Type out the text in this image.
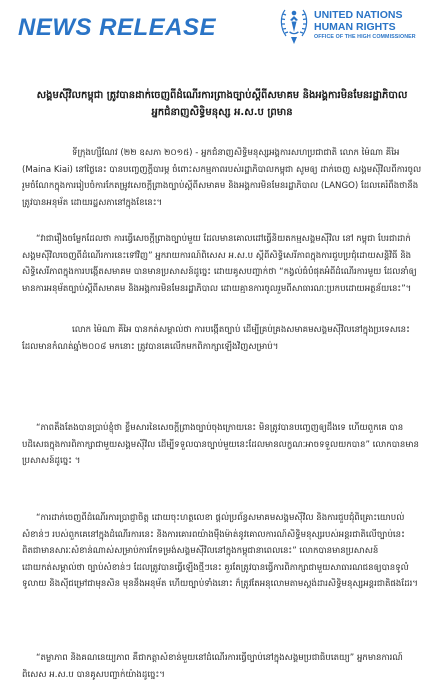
NEWS RELEASE	UNITED NATIONS
HUMAN RIGHTS
OFFICE OF THE HIGH COMMISSIONER
សង្គមស៊ីវិលកម្ពុជា ត្រូវបានដាក់ចេញពីដំណើរការព្រាងច្បាប់ស្ដីពីសមាគម និងអង្គការមិនមែនរដ្ឋាភិបាល
អ្នកជំនាញសិទ្ធិមនុស្ស អ.ស.ប ព្រមាន
ទីក្រុងហ្សឺណែវ (២២ ឧសភា ២០១៥) - អ្នកជំនាញសិទ្ធិមនុស្សអង្គការសហប្រជាជាតិ លោក ម៉ៃណា គីអៃ (Maina Kiai) នៅថ្ងៃនេះ បានបញ្ចេញក្ដីបារម្ភ ចំពោះសកម្មភាពរបស់រដ្ឋាភិបាលកម្ពុជា សូមឲ្យ ដាក់ចេញ សង្គមស៊ីវិលពីការចូលរួមចំណែកក្នុងការរៀបចំការកែតម្រូវសេចក្ដីព្រាងច្បាប់ស្ដីពីសមាគម និងអង្គការមិនមែនរដ្ឋាភិបាល (LANGO) ដែលគេរំពឹងថានឹងត្រូវបានអនុម័ត ដោយរដ្ឋសភានៅក្នុងខែនេះ។
“វាជារឿងចម្លែកដែលថា ការធ្វើសេចក្ដីព្រាងច្បាប់មួយ ដែលមានគោលដៅធ្វើនិយតកម្មសង្គមស៊ីវិល នៅ កម្ពុជា បែរជាដាក់សង្គមស៊ីវិលចេញពីដំណើរការនេះទៅវិញ” អ្នករាយការណ៍ពិសេស អ.ស.ប ស្ដីពីសិទ្ធិសេរីភាពក្នុងការជួបប្រជុំដោយសន្តិវិធី និងសិទ្ធិសេរីភាពក្នុងការបង្កើតសមាគម បានមានប្រសាសន៍ដូច្នេះ ដោយគូសបញ្ជាក់ថា “កង្វល់ធំបំផុតអំពីដំណើរការមួយ ដែលនាំឲ្យមានការអនុម័តច្បាប់ស្ដីពីសមាគម និងអង្គការមិនមែនរដ្ឋាភិបាល ដោយគ្មានការចូលរួមពីសាធារណៈប្រកបដោយអត្ថន័យនេះ”។
លោក ម៉ៃណា គីអៃ បានកត់សម្គាល់ថា ការបង្កើតច្បាប់ ដើម្បីគ្រប់គ្រងសមាគមសង្គមស៊ីវិលនៅក្នុងប្រទេសនេះ ដែលមានកំណត់ឆ្នាំ២០០៨ មកនោះ ត្រូវបានគេលើកមកពិភាក្សាឡើងវិញសម្រាប់។
“ភាពតឹងតែងបានប្រាប់ខ្ញុំថា ខ្លឹមសារនៃសេចក្ដីព្រាងច្បាប់ចុងក្រោយនេះ មិនត្រូវបានបញ្ចេញឲ្យដឹងទេ ហើយពួកគេ បានបដិសេធក្នុងការពិភាក្សាជាមួយសង្គមស៊ីវិល ដើម្បីទទួលបានច្បាប់មួយនេះដែលមានលក្ខណៈអាចទទួលយកបាន” លោកបានមានប្រសាសន៍ដូច្នេះ ។
“ការដាក់ចេញពីដំណើរការប្រាជ្ញាចិត្ត ដោយចុះហត្ថលេខា ផ្ដល់ប្រព័ន្ធសមាគមសង្គមស៊ីវិល និងការជួបជុំពិគ្រោះយោបល់ សំខាន់ៗ របស់ពួកគេនៅក្នុងដំណើរការនេះ និងការគោរពយ៉ាងម៉ឺងម៉ាត់នូវគោលការណ៍សិទ្ធិមនុស្សរបស់អន្តរជាតិលើច្បាប់នេះ ពិតជាមានសារៈសំខាន់ណាស់សម្រាប់ការកែទម្រង់សង្គមស៊ីវិលនៅក្នុងកម្ពុជានាពេលនេះ” លោកបានមានប្រសាសន៍ ដោយកត់សម្គាល់ថា ច្បាប់សំខាន់ៗ ដែលត្រូវបានធ្វើឡើងថ្មីៗនេះ គួរតែត្រូវបានធ្វើការពិភាក្សាជាមួយសាធារណជនឲ្យបានទូលំទូលាយ និងស៊ីជម្រៅជាមុនសិន មុននឹងអនុម័ត ហើយច្បាប់ទាំងនោះ ក៏ត្រូវតែអនុលោមតាមស្តង់ដារសិទ្ធិមនុស្សអន្តរជាតិផងដែរ។
“តម្លាភាព និងគណនេយ្យភាព គឺជាកត្តាសំខាន់មួយនៅដំណើរការធ្វើច្បាប់នៅក្នុងសង្គមប្រជាធិបតេយ្យ” អ្នកមានការណ៍ពិសេស អ.ស.ប បានគូសបញ្ជាក់យ៉ាងដូច្នេះ។
